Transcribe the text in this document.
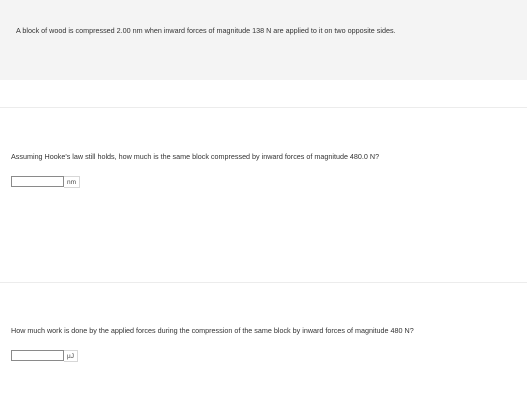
A block of wood is compressed 2.00 nm when inward forces of magnitude 138 N are applied to it on two opposite sides.
Assuming Hooke's law still holds, how much is the same block compressed by inward forces of magnitude 480.0 N?
nm
How much work is done by the applied forces during the compression of the same block by inward forces of magnitude 480 N?
µJ
